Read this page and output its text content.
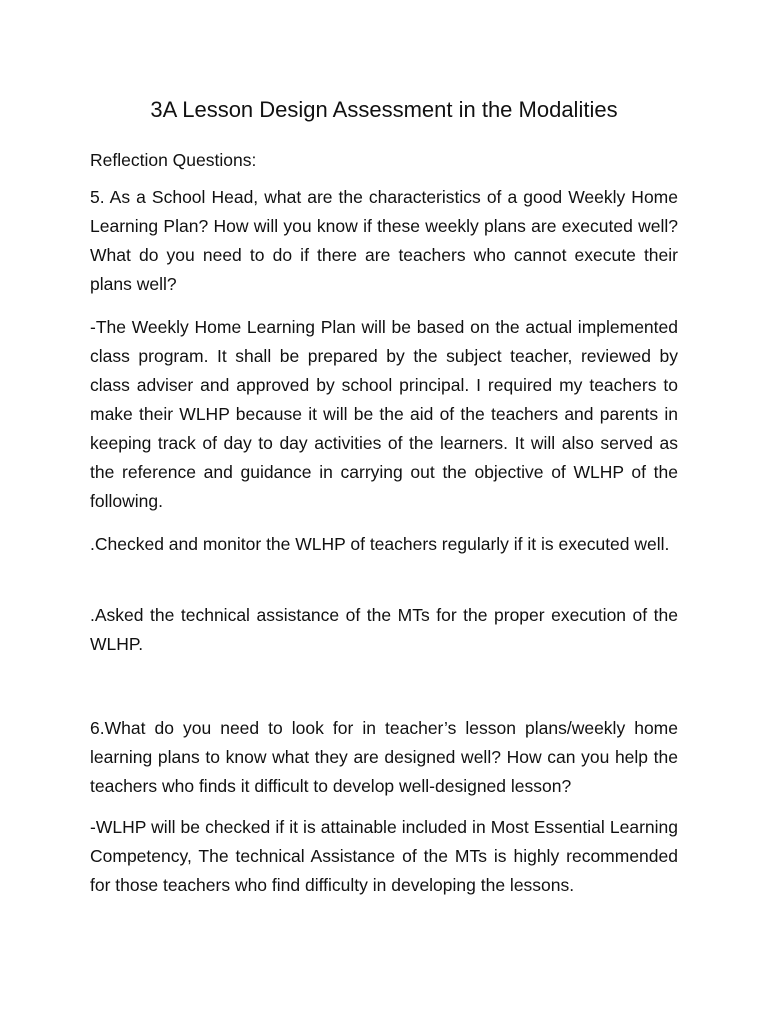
3A Lesson Design Assessment in the Modalities

Reflection Questions:

5. As a School Head, what are the characteristics of a good Weekly Home Learning Plan? How will you know if these weekly plans are executed well? What do you need to do if there are teachers who cannot execute their plans well?

-The Weekly Home Learning Plan will be based on the actual implemented class program. It shall be prepared by the subject teacher, reviewed by class adviser and approved by school principal. I required my teachers to make their WLHP because it will be the aid of the teachers and parents in keeping track of day to day activities of the learners. It will also served as the reference and guidance in carrying out the objective of WLHP of the following.

.Checked and monitor the WLHP of teachers regularly if it is executed well.

.Asked the technical assistance of the MTs for the proper execution of the WLHP.

6.What do you need to look for in teacher’s lesson plans/weekly home learning plans to know what they are designed well? How can you help the teachers who finds it difficult to develop well-designed lesson?

-WLHP will be checked if it is attainable included in Most Essential Learning Competency, The technical Assistance of the MTs is highly recommended for those teachers who find difficulty in developing the lessons.
